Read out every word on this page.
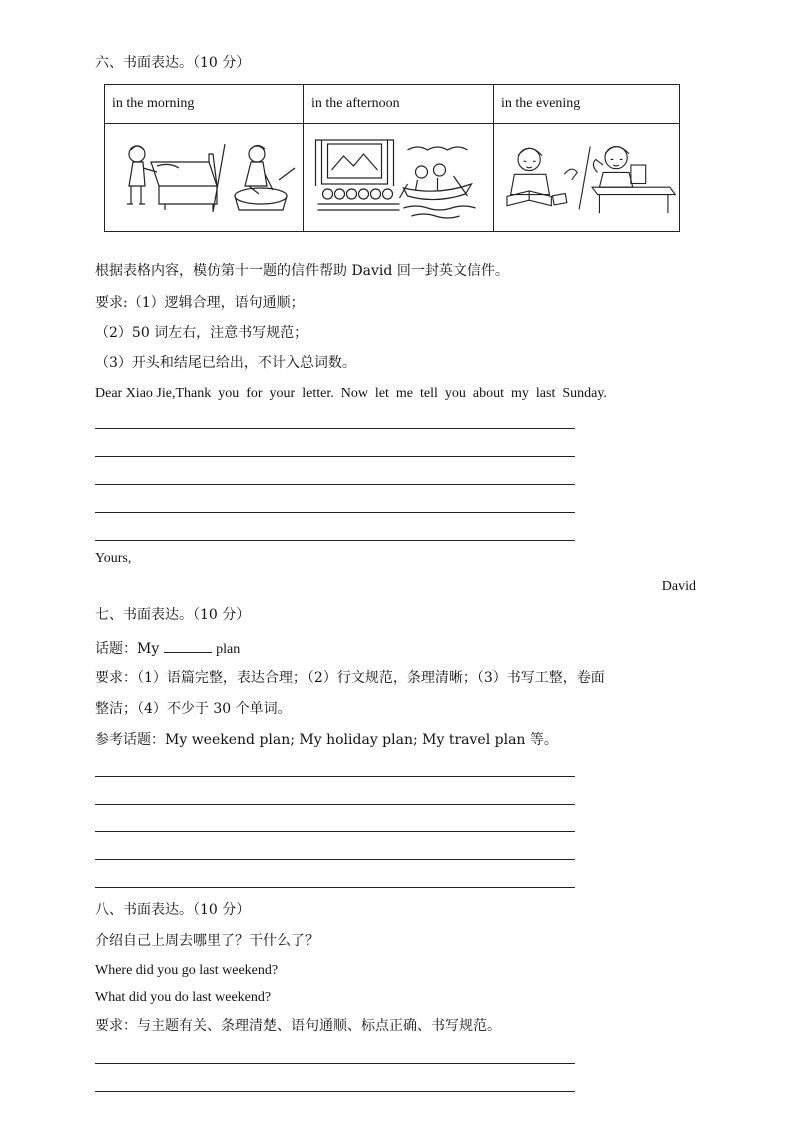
六、书面表达。（10 分）
in the morning	in the afternoon	in the evening

根据表格内容，模仿第十一题的信件帮助 David 回一封英文信件。
要求:（1）逻辑合理，语句通顺；
（2）50 词左右，注意书写规范；
（3）开头和结尾已给出，不计入总词数。
Dear Xiao Jie,Thank  you  for  your  letter.  Now  let  me  tell  you  about  my  last  Sunday.
Yours,
David
七、书面表达。（10 分）
话题：My	plan
要求：（1）语篇完整，表达合理；（2）行文规范，条理清晰；（3）书写工整，卷面
整洁；（4）不少于 30 个单词。
参考话题：My weekend plan; My holiday plan; My travel plan 等。
八、书面表达。（10 分）
介绍自己上周去哪里了？干什么了？
Where did you go last weekend?
What did you do last weekend?
要求：与主题有关、条理清楚、语句通顺、标点正确、书写规范。
